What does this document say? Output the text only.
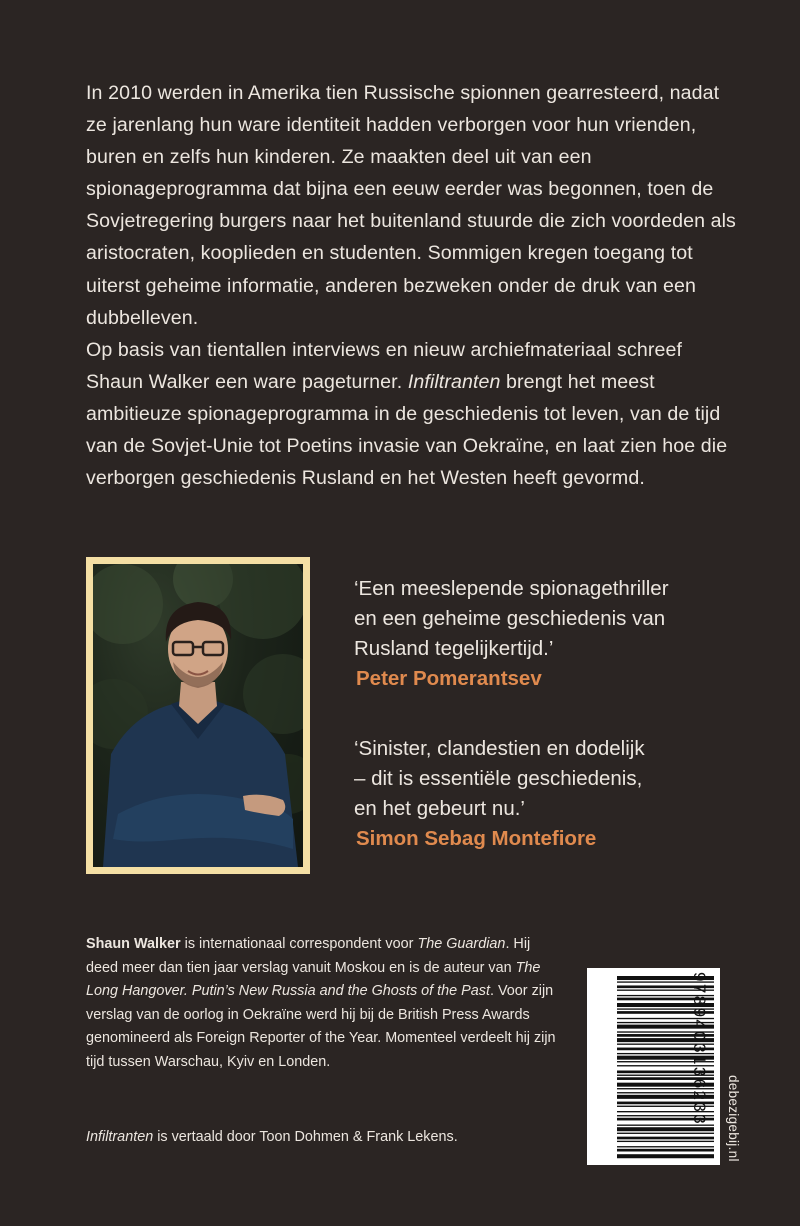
In 2010 werden in Amerika tien Russische spionnen gearresteerd, nadat ze jarenlang hun ware identiteit hadden verborgen voor hun vrienden, buren en zelfs hun kinderen. Ze maakten deel uit van een spionageprogramma dat bijna een eeuw eerder was begonnen, toen de Sovjetregering burgers naar het buitenland stuurde die zich voordeden als aristocraten, kooplieden en studenten. Sommigen kregen toegang tot uiterst geheime informatie, anderen bezweken onder de druk van een dubbelleven.

Op basis van tientallen interviews en nieuw archiefmateriaal schreef Shaun Walker een ware pageturner. Infiltranten brengt het meest ambitieuze spionageprogramma in de geschiedenis tot leven, van de tijd van de Sovjet-Unie tot Poetins invasie van Oekraïne, en laat zien hoe die verborgen geschiedenis Rusland en het Westen heeft gevormd.

‘Een meeslepende spionagethriller
en een geheime geschiedenis van
Rusland tegelijkertijd.’

Peter Pomerantsev

‘Sinister, clandestien en dodelijk
– dit is essentiële geschiedenis,
en het gebeurt nu.’

Simon Sebag Montefiore

Shaun Walker is internationaal correspondent voor The Guardian. Hij deed meer dan tien jaar verslag vanuit Moskou en is de auteur van The Long Hangover. Putin’s New Russia and the Ghosts of the Past. Voor zijn verslag van de oorlog in Oekraïne werd hij bij de British Press Awards genomineerd als Foreign Reporter of the Year. Momenteel verdeelt hij zijn tijd tussen Warschau, Kyiv en Londen.

Infiltranten is vertaald door Toon Dohmen & Frank Lekens.

9789403136233 debezigebij.nl
